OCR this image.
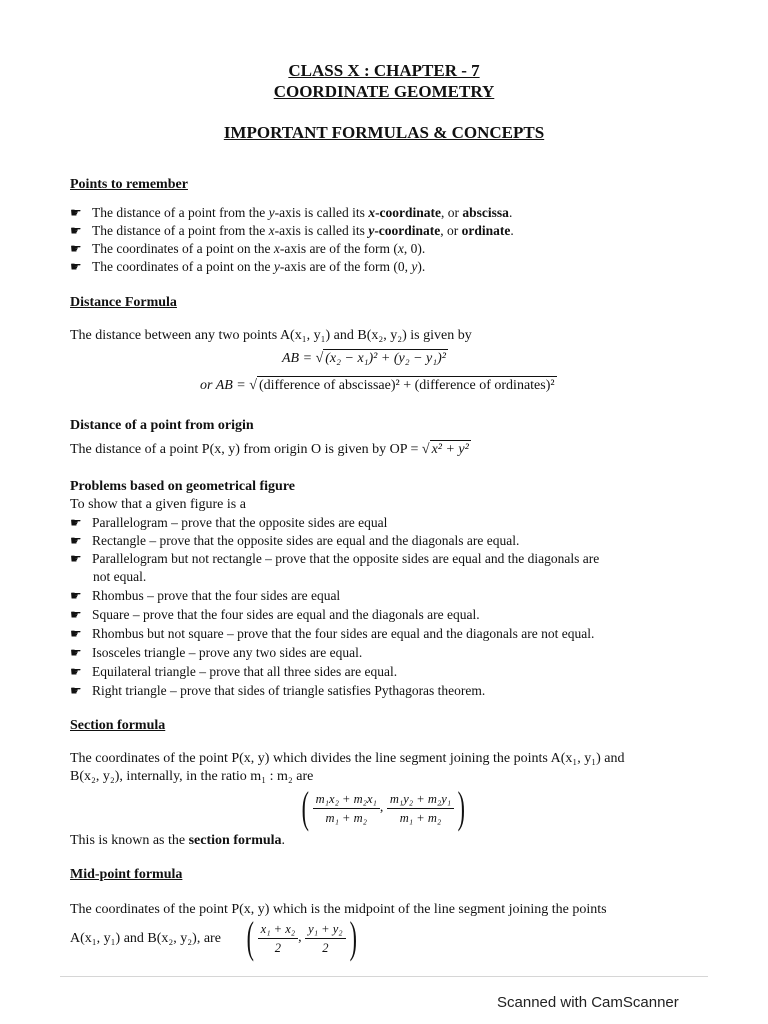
CLASS X : CHAPTER - 7
COORDINATE GEOMETRY
IMPORTANT FORMULAS & CONCEPTS
Points to remember
☛ The distance of a point from the y-axis is called its x-coordinate, or abscissa.
☛ The distance of a point from the x-axis is called its y-coordinate, or ordinate.
☛ The coordinates of a point on the x-axis are of the form (x, 0).
☛ The coordinates of a point on the y-axis are of the form (0, y).
Distance Formula
The distance between any two points A(x₁, y₁) and B(x₂, y₂) is given by
AB = √ (x₂ − x₁)² + (y₂ − y₁)²
or AB = √ (difference of abscissae)² + (difference of ordinates)²
Distance of a point from origin
The distance of a point P(x, y) from origin O is given by OP = √ x² + y²
Problems based on geometrical figure
To show that a given figure is a
☛ Parallelogram – prove that the opposite sides are equal
☛ Rectangle – prove that the opposite sides are equal and the diagonals are equal.
☛ Parallelogram but not rectangle – prove that the opposite sides are equal and the diagonals are
not equal.
☛ Rhombus – prove that the four sides are equal
☛ Square – prove that the four sides are equal and the diagonals are equal.
☛ Rhombus but not square – prove that the four sides are equal and the diagonals are not equal.
☛ Isosceles triangle – prove any two sides are equal.
☛ Equilateral triangle – prove that all three sides are equal.
☛ Right triangle – prove that sides of triangle satisfies Pythagoras theorem.
Section formula
The coordinates of the point P(x, y) which divides the line segment joining the points A(x₁, y₁) and
B(x₂, y₂), internally, in the ratio m₁ : m₂ are
( $\frac{\text{m₁x₂ + m₂x₁}}{\text{m₁ + m₂}}$ , $\frac{\text{m₁y₂ + m₂y₁}}{\text{m₁ + m₂}}$ )
This is known as the section formula.
Mid-point formula
The coordinates of the point P(x, y) which is the midpoint of the line segment joining the points
A(x₁, y₁) and B(x₂, y₂), are ( $\frac{\text{x₁ + x₂}}{2}$ , $\frac{\text{y₁ + y₂}}{2}$ )
Scanned with CamScanner
